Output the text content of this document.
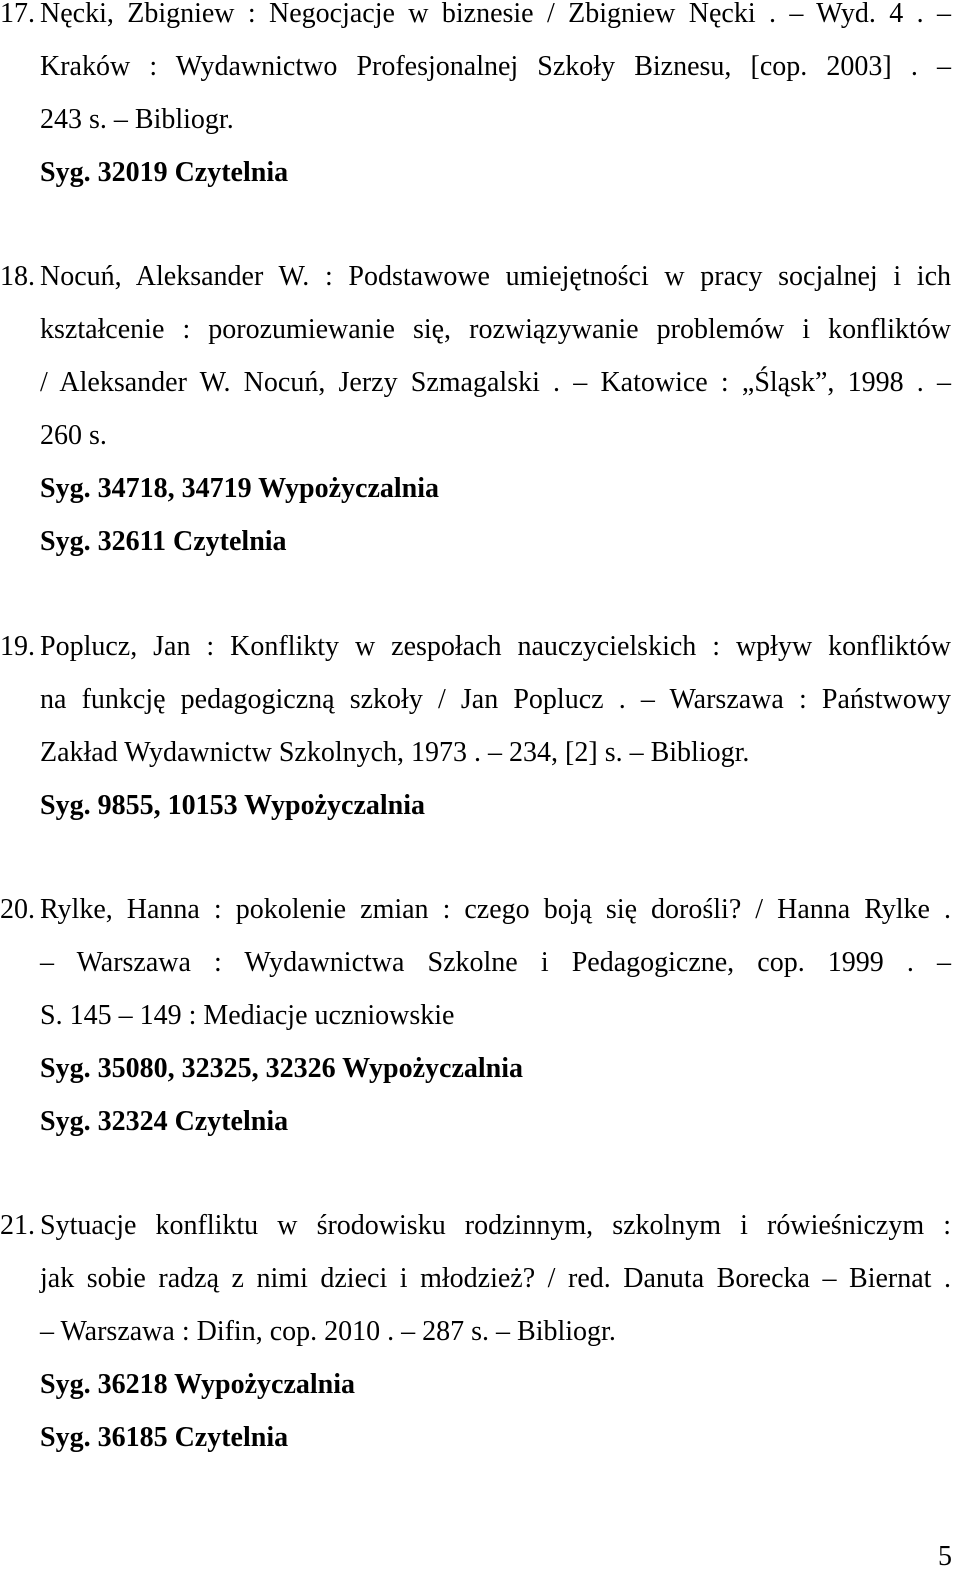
17. Nęcki, Zbigniew : Negocjacje w biznesie / Zbigniew Nęcki . – Wyd. 4 . –
Kraków : Wydawnictwo Profesjonalnej Szkoły Biznesu, [cop. 2003] . –
243 s. – Bibliogr.
Syg. 32019 Czytelnia
18. Nocuń, Aleksander W. : Podstawowe umiejętności w pracy socjalnej i ich
kształcenie : porozumiewanie się, rozwiązywanie problemów i konfliktów
/ Aleksander W. Nocuń, Jerzy Szmagalski . – Katowice : „Śląsk”, 1998 . –
260 s.
Syg. 34718, 34719 Wypożyczalnia
Syg. 32611 Czytelnia
19. Poplucz, Jan : Konflikty w zespołach nauczycielskich : wpływ konfliktów
na funkcję pedagogiczną szkoły / Jan Poplucz . – Warszawa : Państwowy
Zakład Wydawnictw Szkolnych, 1973 . – 234, [2] s. – Bibliogr.
Syg. 9855, 10153 Wypożyczalnia
20. Rylke, Hanna : pokolenie zmian : czego boją się dorośli? / Hanna Rylke .
– Warszawa : Wydawnictwa Szkolne i Pedagogiczne, cop. 1999 . –
S. 145 – 149 : Mediacje uczniowskie
Syg. 35080, 32325, 32326 Wypożyczalnia
Syg. 32324 Czytelnia
21. Sytuacje konfliktu w środowisku rodzinnym, szkolnym i rówieśniczym :
jak sobie radzą z nimi dzieci i młodzież? / red. Danuta Borecka – Biernat .
– Warszawa : Difin, cop. 2010 . – 287 s. – Bibliogr.
Syg. 36218 Wypożyczalnia
Syg. 36185 Czytelnia
5
